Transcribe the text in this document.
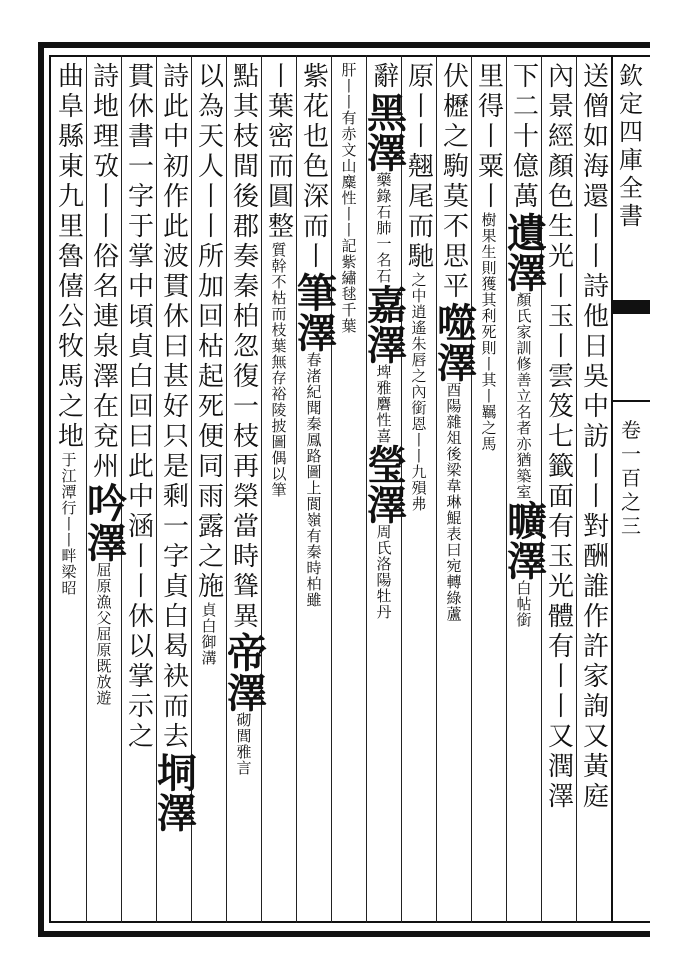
欽
定
四
庫
全
書
卷
一
百
之
三
送僧如海還丨丨詩他日吳中訪丨丨對酬誰作許家詢又黃庭
內景經顏色生光丨玉丨雲笈七籤面有玉光體有丨丨又潤澤
下二十億萬遺澤顏氏家訓修善立名者亦猶築室曠澤白帖銜
里得丨粟丨樹果生則獲其利死則丨其丨羈之馬
伏櫪之駒莫不思平噬澤酉陽雜俎後梁韋琳鯤表曰宛轉綠蘆
原丨丨翹尾而馳之中逍遙朱唇之內銜恩丨丨九殞弗
辭黑澤藥錄石肺一名石嘉澤埤雅麏性喜瑩澤周氏洛陽牡丹
肝丨丨有赤文山麋性丨丨記紫繡毬千葉
紫花也色深而丨筆澤春渚紀聞秦鳳路圖上閬嶺有秦時柏雖
丨葉密而圓整質幹不枯而枝葉無存裕陵披圖偶以筆
點其枝間後郡奏秦柏忽復一枝再榮當時聳異帝澤砌閭雅言
以為天人丨丨所加回枯起死便同雨露之施貞白御溝
詩此中初作此波貫休曰甚好只是剩一字貞白曷袂而去垌澤
貫休書一字于掌中頃貞白回曰此中涵丨丨休以掌示之
詩地理攷丨丨俗名連泉澤在兗州吟澤屈原漁父屈原既放遊
曲阜縣東九里魯僖公牧馬之地于江潭行丨丨畔梁昭
